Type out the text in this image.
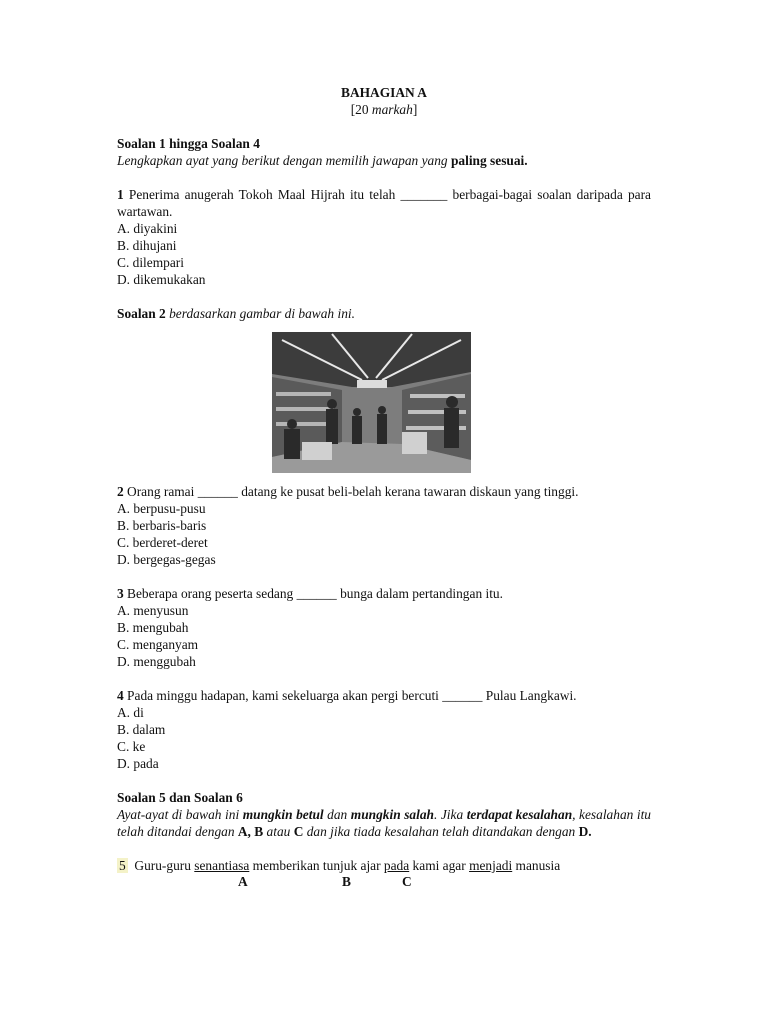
BAHAGIAN A
[20 markah]
Soalan 1 hingga Soalan 4
Lengkapkan ayat yang berikut dengan memilih jawapan yang paling sesuai.
1 Penerima anugerah Tokoh Maal Hijrah itu telah _______ berbagai-bagai soalan daripada para wartawan.
A. diyakini
B. dihujani
C. dilempari
D. dikemukakan
Soalan 2 berdasarkan gambar di bawah ini.
2 Orang ramai ______ datang ke pusat beli-belah kerana tawaran diskaun yang tinggi.
A. berpusu-pusu
B. berbaris-baris
C. berderet-deret
D. bergegas-gegas
3 Beberapa orang peserta sedang ______ bunga dalam pertandingan itu.
A. menyusun
B. mengubah
C. menganyam
D. menggubah
4 Pada minggu hadapan, kami sekeluarga akan pergi bercuti ______ Pulau Langkawi.
A. di
B. dalam
C. ke
D. pada
Soalan 5 dan Soalan 6
Ayat-ayat di bawah ini mungkin betul dan mungkin salah. Jika terdapat kesalahan, kesalahan itu telah ditandai dengan A, B atau C dan jika tiada kesalahan telah ditandakan dengan D.
5 Guru-guru senantiasa memberikan tunjuk ajar pada kami agar menjadi manusia
A	B	C
